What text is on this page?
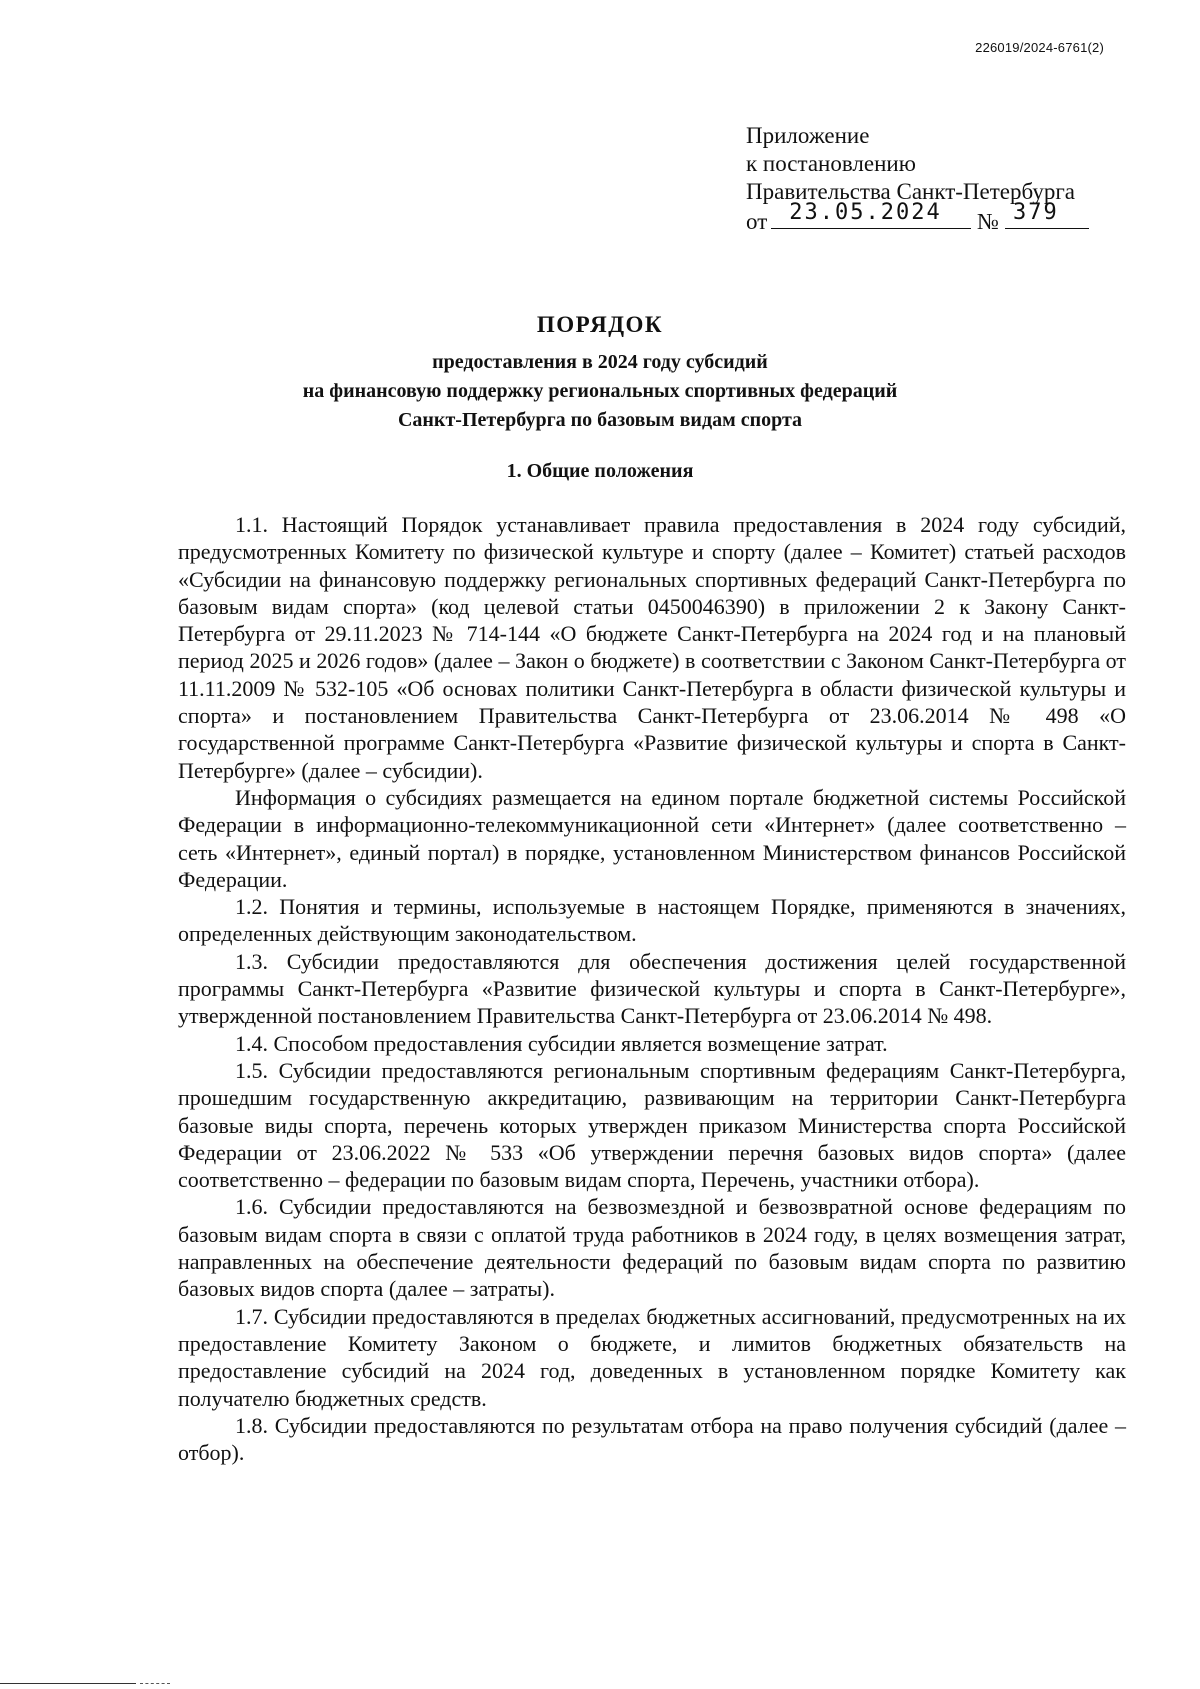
226019/2024-6761(2)
Приложение
к постановлению
Правительства Санкт-Петербурга
от 23.05.2024 № 379
ПОРЯДОК
предоставления в 2024 году субсидий
на финансовую поддержку региональных спортивных федераций
Санкт-Петербурга по базовым видам спорта
1. Общие положения

1.1. Настоящий Порядок устанавливает правила предоставления в 2024 году субсидий, предусмотренных Комитету по физической культуре и спорту (далее – Комитет) статьей расходов «Субсидии на финансовую поддержку региональных спортивных федераций Санкт-Петербурга по базовым видам спорта» (код целевой статьи 0450046390) в приложении 2 к Закону Санкт-Петербурга от 29.11.2023 № 714-144 «О бюджете Санкт-Петербурга на 2024 год и на плановый период 2025 и 2026 годов» (далее – Закон о бюджете) в соответствии с Законом Санкт-Петербурга от 11.11.2009 № 532-105 «Об основах политики Санкт-Петербурга в области физической культуры и спорта» и постановлением Правительства Санкт-Петербурга от 23.06.2014 № 498 «О государственной программе Санкт-Петербурга «Развитие физической культуры и спорта в Санкт-Петербурге» (далее – субсидии).

Информация о субсидиях размещается на едином портале бюджетной системы Российской Федерации в информационно-телекоммуникационной сети «Интернет» (далее соответственно – сеть «Интернет», единый портал) в порядке, установленном Министерством финансов Российской Федерации.

1.2. Понятия и термины, используемые в настоящем Порядке, применяются в значениях, определенных действующим законодательством.

1.3. Субсидии предоставляются для обеспечения достижения целей государственной программы Санкт-Петербурга «Развитие физической культуры и спорта в Санкт-Петербурге», утвержденной постановлением Правительства Санкт-Петербурга от 23.06.2014 № 498.

1.4. Способом предоставления субсидии является возмещение затрат.

1.5. Субсидии предоставляются региональным спортивным федерациям Санкт-Петербурга, прошедшим государственную аккредитацию, развивающим на территории Санкт-Петербурга базовые виды спорта, перечень которых утвержден приказом Министерства спорта Российской Федерации от 23.06.2022 № 533 «Об утверждении перечня базовых видов спорта» (далее соответственно – федерации по базовым видам спорта, Перечень, участники отбора).

1.6. Субсидии предоставляются на безвозмездной и безвозвратной основе федерациям по базовым видам спорта в связи с оплатой труда работников в 2024 году, в целях возмещения затрат, направленных на обеспечение деятельности федераций по базовым видам спорта по развитию базовых видов спорта (далее – затраты).

1.7. Субсидии предоставляются в пределах бюджетных ассигнований, предусмотренных на их предоставление Комитету Законом о бюджете, и лимитов бюджетных обязательств на предоставление субсидий на 2024 год, доведенных в установленном порядке Комитету как получателю бюджетных средств.

1.8. Субсидии предоставляются по результатам отбора на право получения субсидий (далее – отбор).
